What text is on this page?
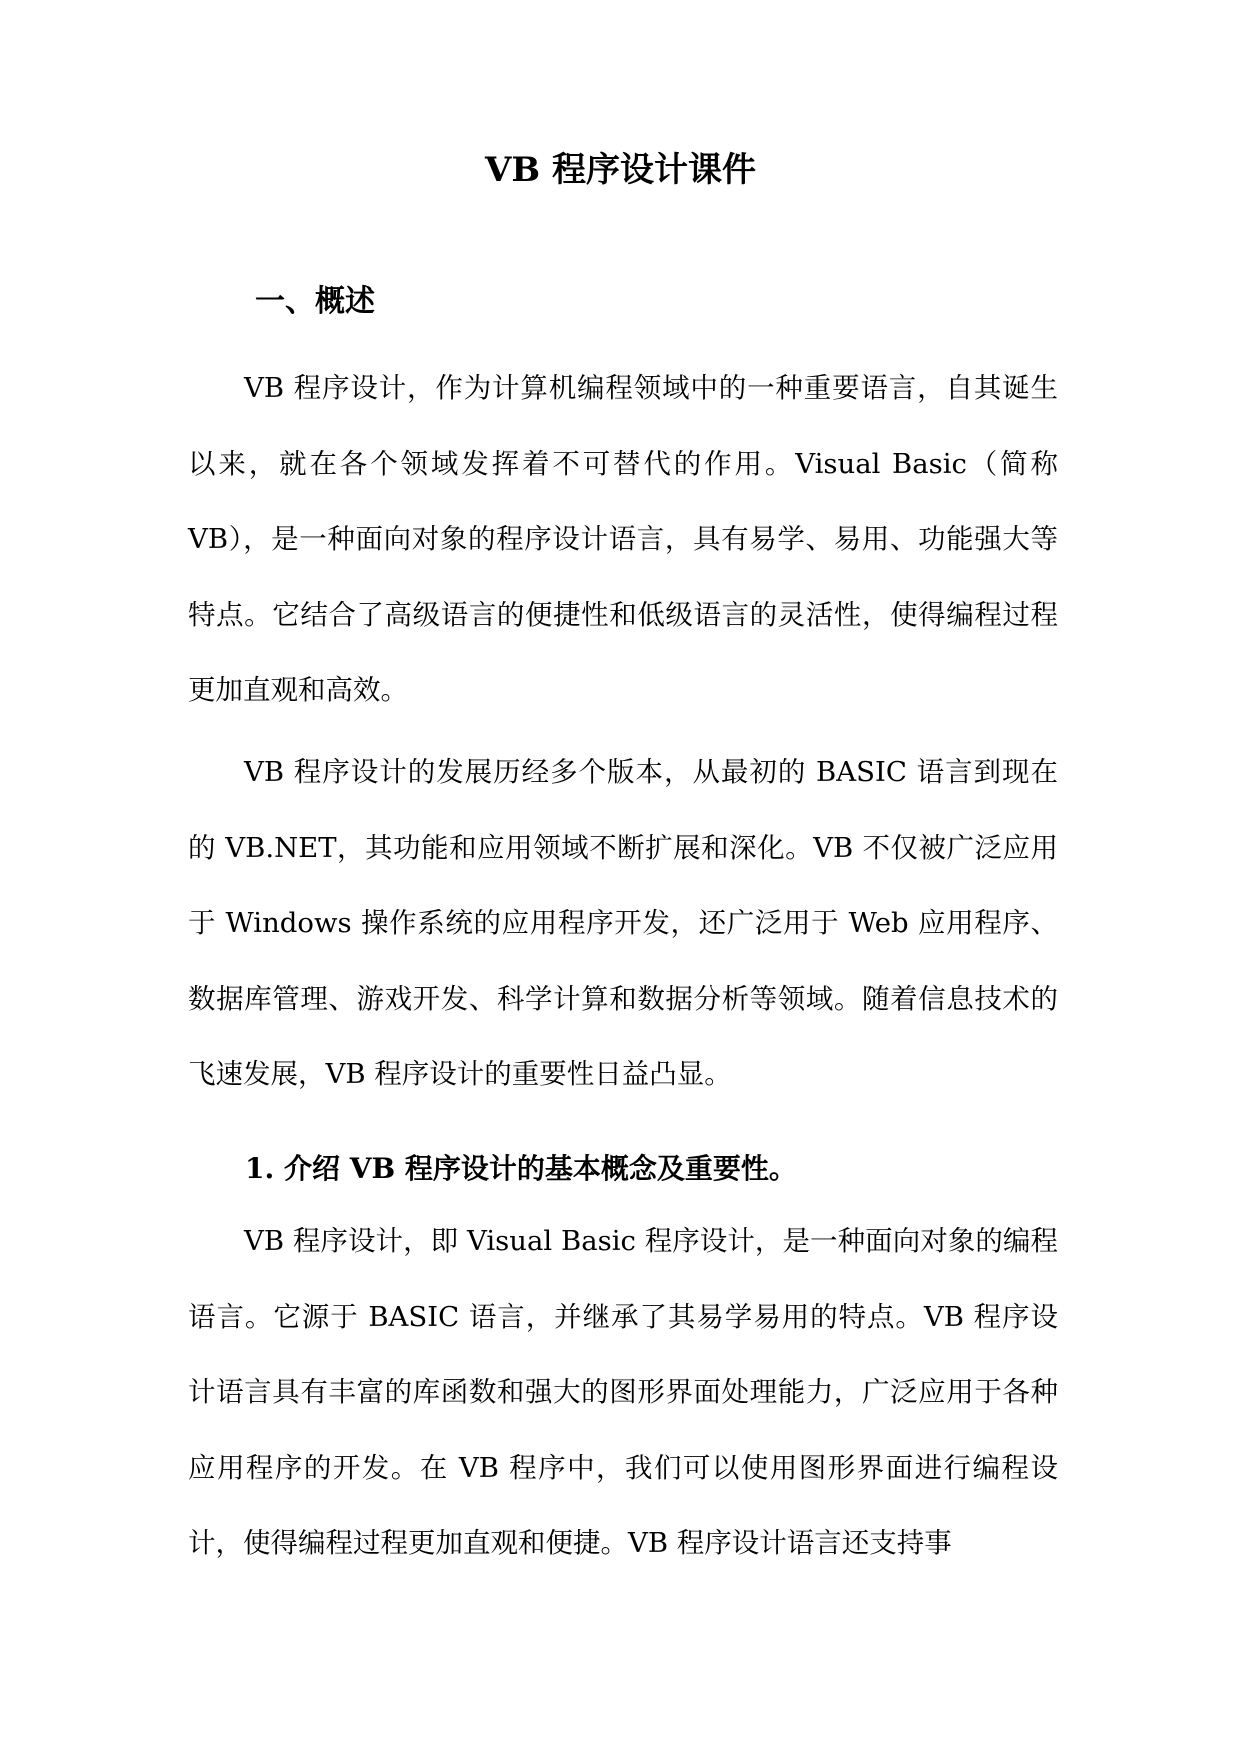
VB 程序设计课件
一、概述

VB 程序设计，作为计算机编程领域中的一种重要语言，自其诞生以来，就在各个领域发挥着不可替代的作用。Visual Basic（简称 VB），是一种面向对象的程序设计语言，具有易学、易用、功能强大等特点。它结合了高级语言的便捷性和低级语言的灵活性，使得编程过程更加直观和高效。

VB 程序设计的发展历经多个版本，从最初的 BASIC 语言到现在的 VB.NET，其功能和应用领域不断扩展和深化。VB 不仅被广泛应用于 Windows 操作系统的应用程序开发，还广泛用于 Web 应用程序、数据库管理、游戏开发、科学计算和数据分析等领域。随着信息技术的飞速发展，VB 程序设计的重要性日益凸显。

1. 介绍 VB 程序设计的基本概念及重要性。

VB 程序设计，即 Visual Basic 程序设计，是一种面向对象的编程语言。它源于 BASIC 语言，并继承了其易学易用的特点。VB 程序设计语言具有丰富的库函数和强大的图形界面处理能力，广泛应用于各种应用程序的开发。在 VB 程序中，我们可以使用图形界面进行编程设计，使得编程过程更加直观和便捷。VB 程序设计语言还支持事
